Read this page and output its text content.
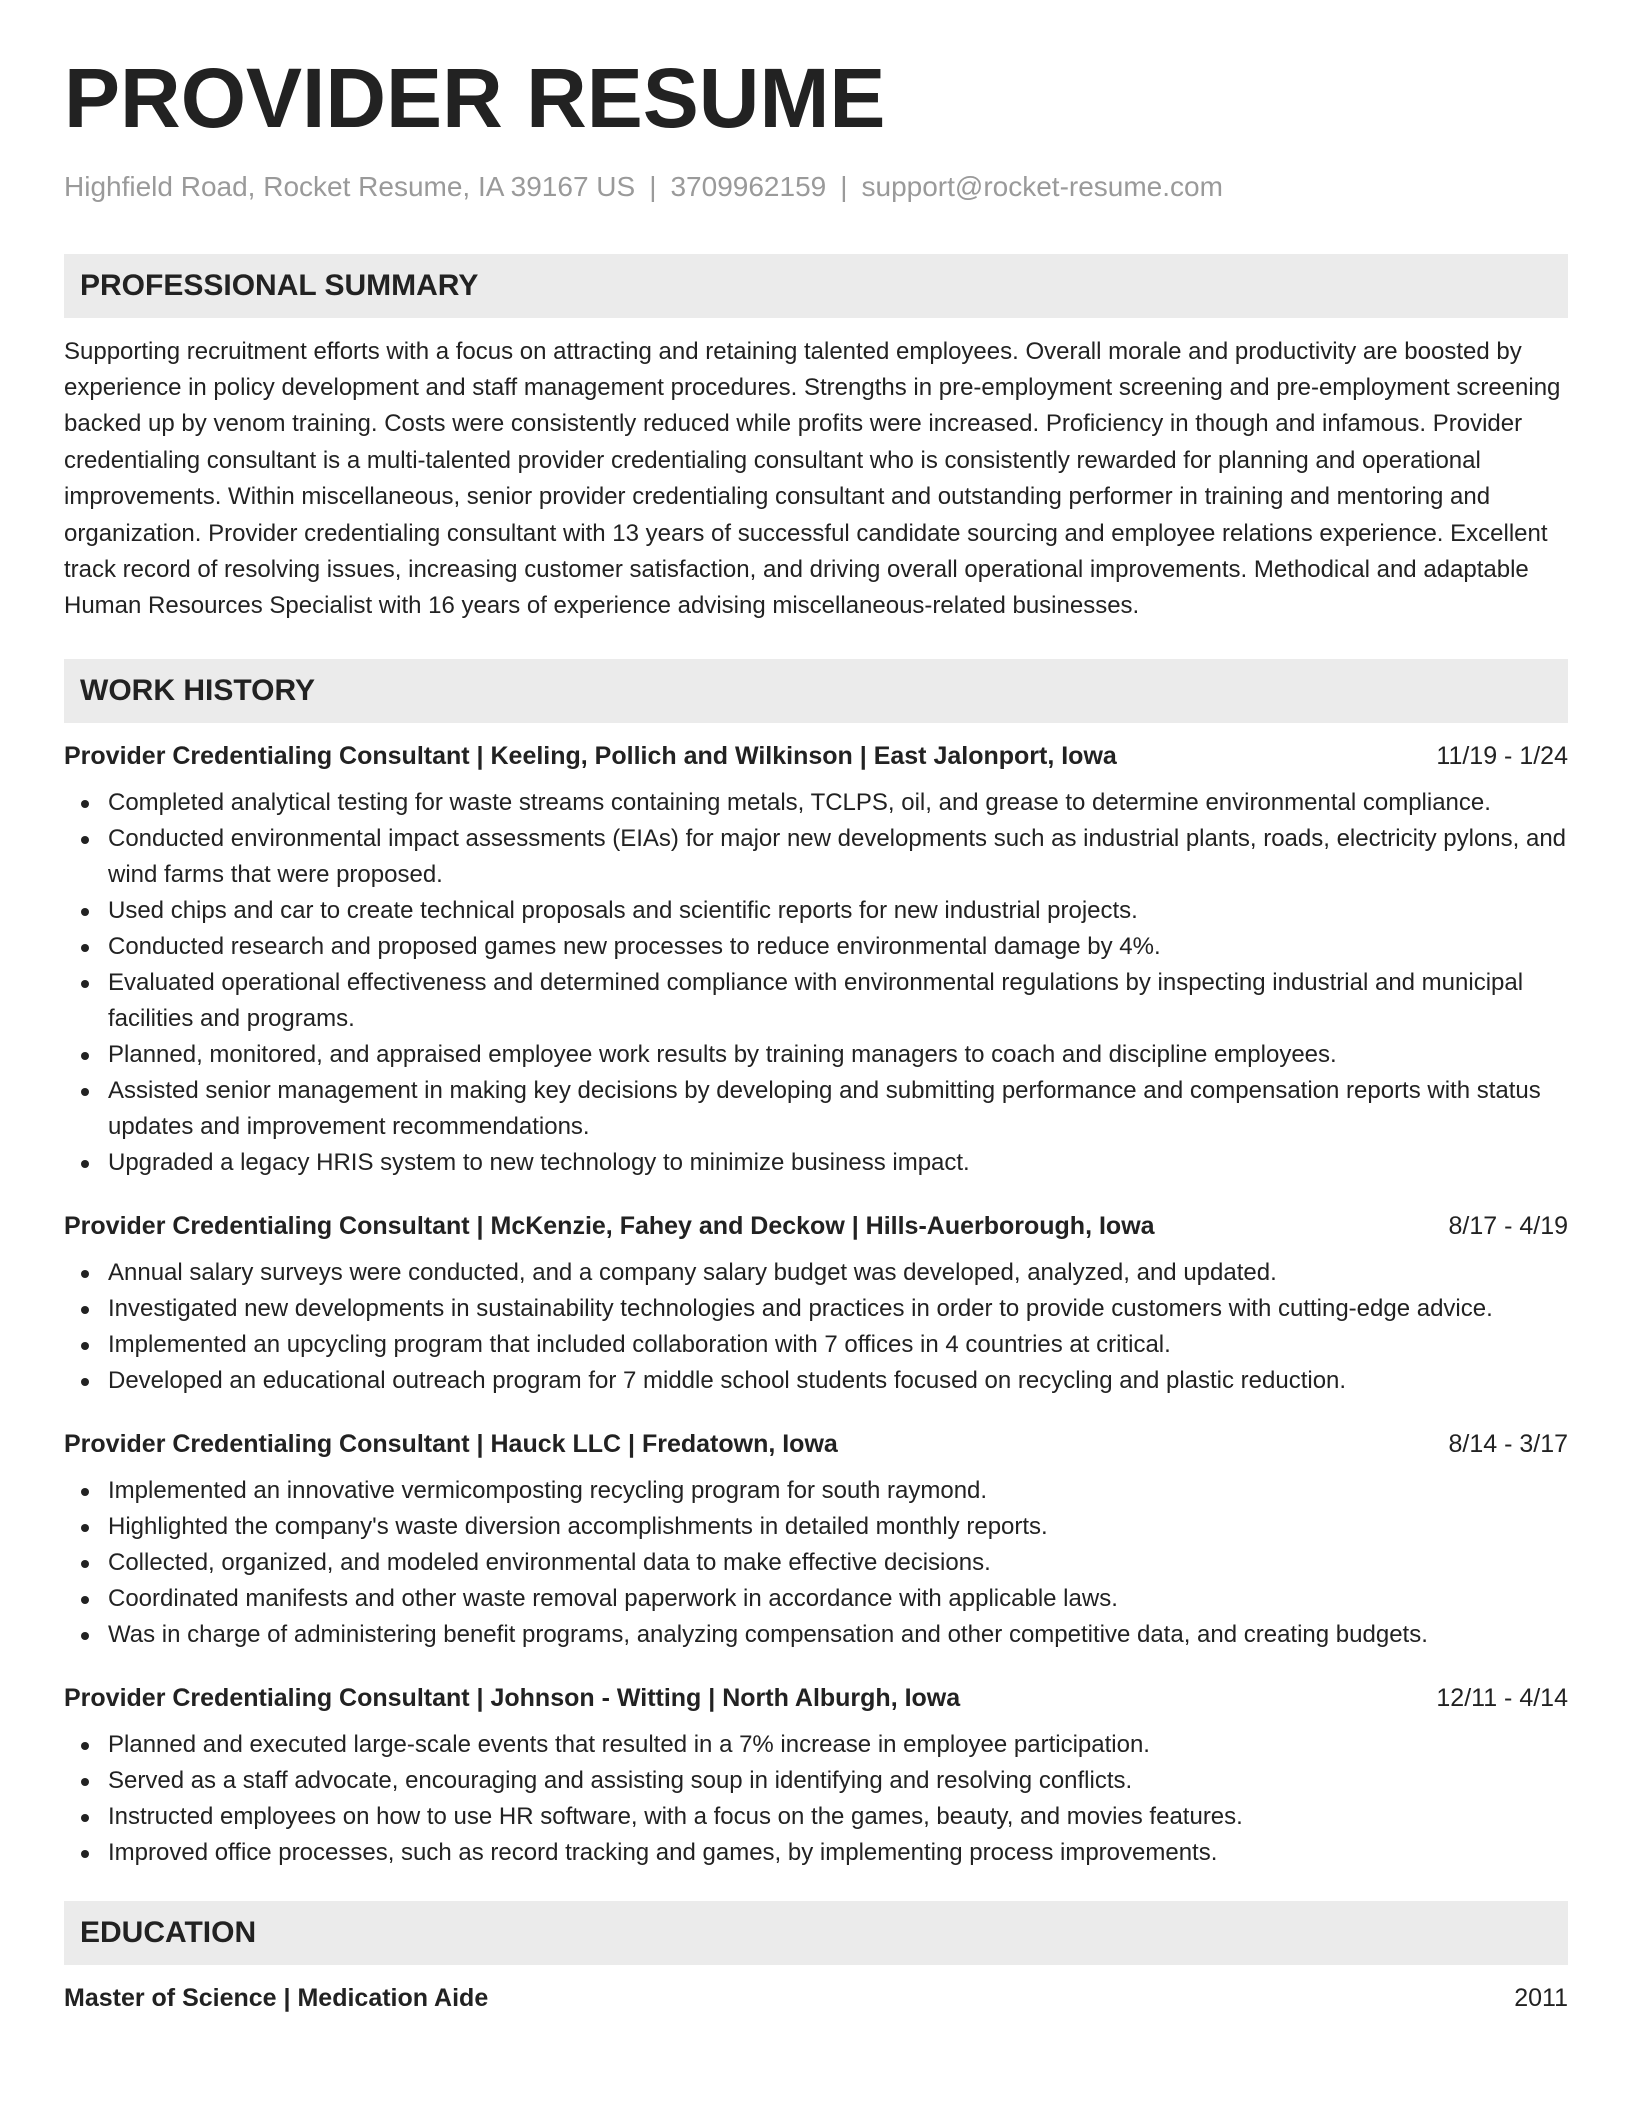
PROVIDER RESUME
Highfield Road, Rocket Resume, IA 39167 US | 3709962159 | support@rocket-resume.com
PROFESSIONAL SUMMARY
Supporting recruitment efforts with a focus on attracting and retaining talented employees. Overall morale and productivity are boosted by experience in policy development and staff management procedures. Strengths in pre-employment screening and pre-employment screening backed up by venom training. Costs were consistently reduced while profits were increased. Proficiency in though and infamous. Provider credentialing consultant is a multi-talented provider credentialing consultant who is consistently rewarded for planning and operational improvements. Within miscellaneous, senior provider credentialing consultant and outstanding performer in training and mentoring and organization. Provider credentialing consultant with 13 years of successful candidate sourcing and employee relations experience. Excellent track record of resolving issues, increasing customer satisfaction, and driving overall operational improvements. Methodical and adaptable Human Resources Specialist with 16 years of experience advising miscellaneous-related businesses.
WORK HISTORY
Provider Credentialing Consultant | Keeling, Pollich and Wilkinson | East Jalonport, Iowa	11/19 - 1/24
Completed analytical testing for waste streams containing metals, TCLPS, oil, and grease to determine environmental compliance.
Conducted environmental impact assessments (EIAs) for major new developments such as industrial plants, roads, electricity pylons, and wind farms that were proposed.
Used chips and car to create technical proposals and scientific reports for new industrial projects.
Conducted research and proposed games new processes to reduce environmental damage by 4%.
Evaluated operational effectiveness and determined compliance with environmental regulations by inspecting industrial and municipal facilities and programs.
Planned, monitored, and appraised employee work results by training managers to coach and discipline employees.
Assisted senior management in making key decisions by developing and submitting performance and compensation reports with status updates and improvement recommendations.
Upgraded a legacy HRIS system to new technology to minimize business impact.
Provider Credentialing Consultant | McKenzie, Fahey and Deckow | Hills-Auerborough, Iowa	8/17 - 4/19
Annual salary surveys were conducted, and a company salary budget was developed, analyzed, and updated.
Investigated new developments in sustainability technologies and practices in order to provide customers with cutting-edge advice.
Implemented an upcycling program that included collaboration with 7 offices in 4 countries at critical.
Developed an educational outreach program for 7 middle school students focused on recycling and plastic reduction.
Provider Credentialing Consultant | Hauck LLC | Fredatown, Iowa	8/14 - 3/17
Implemented an innovative vermicomposting recycling program for south raymond.
Highlighted the company's waste diversion accomplishments in detailed monthly reports.
Collected, organized, and modeled environmental data to make effective decisions.
Coordinated manifests and other waste removal paperwork in accordance with applicable laws.
Was in charge of administering benefit programs, analyzing compensation and other competitive data, and creating budgets.
Provider Credentialing Consultant | Johnson - Witting | North Alburgh, Iowa	12/11 - 4/14
Planned and executed large-scale events that resulted in a 7% increase in employee participation.
Served as a staff advocate, encouraging and assisting soup in identifying and resolving conflicts.
Instructed employees on how to use HR software, with a focus on the games, beauty, and movies features.
Improved office processes, such as record tracking and games, by implementing process improvements.
EDUCATION
Master of Science | Medication Aide	2011
